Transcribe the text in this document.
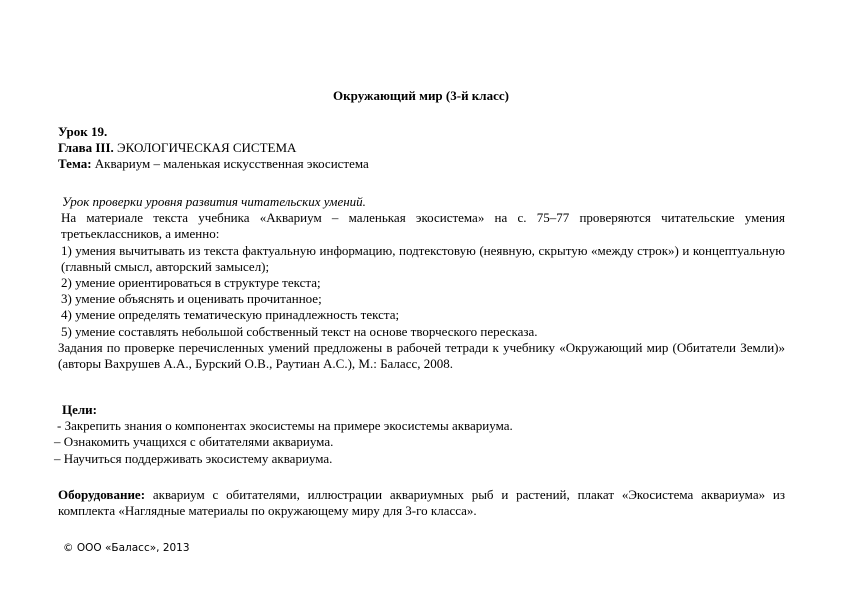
Окружающий мир (3-й класс)
Урок 19.
Глава III. ЭКОЛОГИЧЕСКАЯ СИСТЕМА
Тема: Аквариум – маленькая искусственная экосистема
Урок проверки уровня развития читательских умений.
На материале текста учебника «Аквариум – маленькая экосистема» на с. 75–77 проверяются читательские умения третьеклассников, а именно:
1) умения вычитывать из текста фактуальную информацию, подтекстовую (неявную, скрытую «между строк») и концептуальную (главный смысл, авторский замысел);
2) умение ориентироваться в структуре текста;
3) умение объяснять и оценивать прочитанное;
4) умение определять тематическую принадлежность текста;
5) умение составлять небольшой собственный текст на основе творческого пересказа.
Задания по проверке перечисленных умений предложены в рабочей тетради к учебнику «Окружающий мир (Обитатели Земли)» (авторы Вахрушев А.А., Бурский О.В., Раутиан А.С.), М.: Баласс, 2008.
Цели:
- Закрепить знания о компонентах экосистемы на примере экосистемы аквариума.
– Ознакомить учащихся с обитателями аквариума.
– Научиться поддерживать экосистему аквариума.
Оборудование: аквариум с обитателями, иллюстрации аквариумных рыб и растений, плакат «Экосистема аквариума» из комплекта «Наглядные материалы по окружающему миру для 3-го класса».
© ООО «Баласс», 2013
